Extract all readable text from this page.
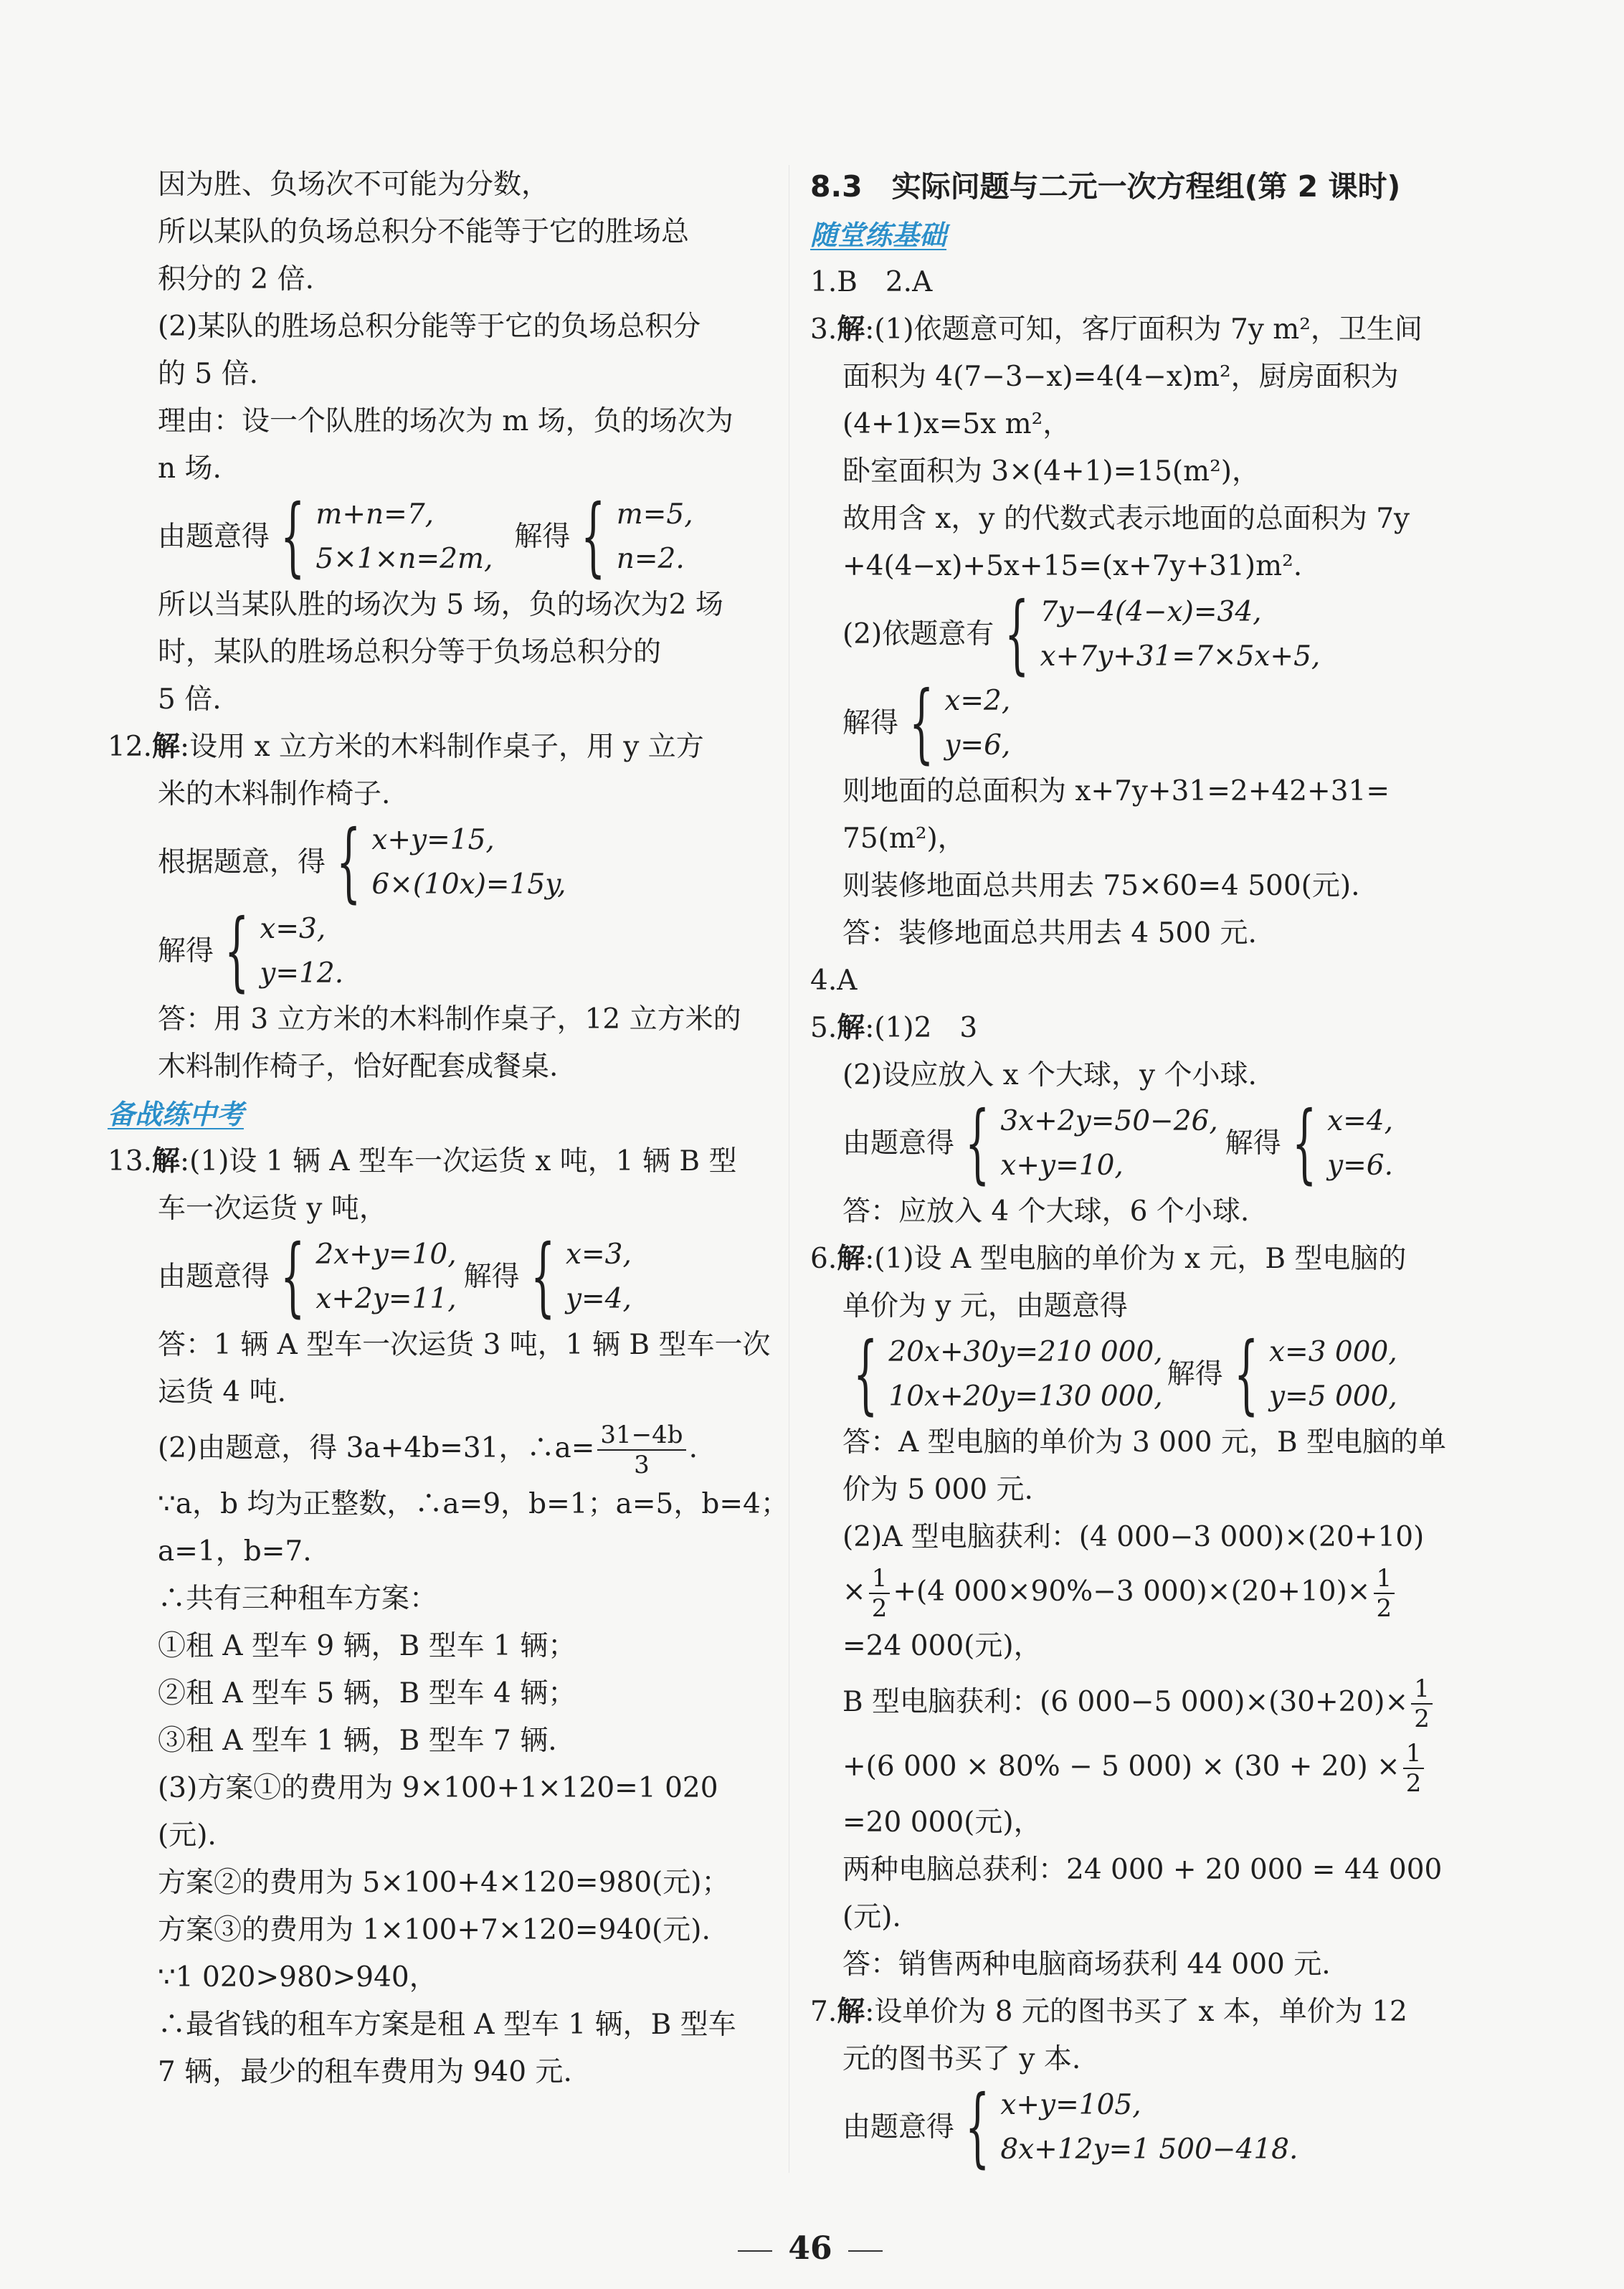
因为胜、负场次不可能为分数，
所以某队的负场总积分不能等于它的胜场总
积分的 2 倍.
(2)某队的胜场总积分能等于它的负场总积分
的 5 倍.
理由：设一个队胜的场次为 m 场，负的场次为
n 场.
由题意得 { m+n=7,
5×1×n=2m,
解得 { m=5,
n=2.
所以当某队胜的场次为 5 场，负的场次为2 场
时，某队的胜场总积分等于负场总积分的
5 倍.
12.解:设用 x 立方米的木料制作桌子，用 y 立方
米的木料制作椅子.
根据题意，得 { x+y=15,
6×(10x)=15y,
解得 { x=3,
y=12.
答：用 3 立方米的木料制作桌子，12 立方米的
木料制作椅子，恰好配套成餐桌.
备战练中考
13.解:(1)设 1 辆 A 型车一次运货 x 吨，1 辆 B 型
车一次运货 y 吨，
由题意得 { 2x+y=10,
x+2y=11,
解得 { x=3,
y=4,
答：1 辆 A 型车一次运货 3 吨，1 辆 B 型车一次
运货 4 吨.
(2)由题意，得 3a+4b=31，∴a= $\frac{31-4b}{3}$ .
∵a，b 均为正整数，∴a=9，b=1；a=5，b=4；
a=1，b=7.
∴共有三种租车方案：
①租 A 型车 9 辆，B 型车 1 辆；
②租 A 型车 5 辆，B 型车 4 辆；
③租 A 型车 1 辆，B 型车 7 辆.
(3)方案①的费用为 9×100+1×120=1 020
(元).
方案②的费用为 5×100+4×120=980(元)；
方案③的费用为 1×100+7×120=940(元).
∵1 020>980>940，
∴最省钱的租车方案是租 A 型车 1 辆，B 型车
7 辆，最少的租车费用为 940 元.
8.3　实际问题与二元一次方程组(第 2 课时)
随堂练基础
1.B　2.A
3.解:(1)依题意可知，客厅面积为 7y m²，卫生间
面积为 4(7−3−x)=4(4−x)m²，厨房面积为
(4+1)x=5x m²，
卧室面积为 3×(4+1)=15(m²)，
故用含 x，y 的代数式表示地面的总面积为 7y
+4(4−x)+5x+15=(x+7y+31)m².
(2)依题意有 { 7y−4(4−x)=34,
x+7y+31=7×5x+5,
解得 { x=2,
y=6,
则地面的总面积为 x+7y+31=2+42+31=
75(m²)，
则装修地面总共用去 75×60=4 500(元).
答：装修地面总共用去 4 500 元.
4.A
5.解:(1)2　3
(2)设应放入 x 个大球，y 个小球.
由题意得 { 3x+2y=50−26,
x+y=10,
解得 { x=4,
y=6.
答：应放入 4 个大球，6 个小球.
6.解:(1)设 A 型电脑的单价为 x 元，B 型电脑的
单价为 y 元，由题意得
{ 20x+30y=210 000,
10x+20y=130 000,
解得 { x=3 000,
y=5 000,
答：A 型电脑的单价为 3 000 元，B 型电脑的单
价为 5 000 元.
(2)A 型电脑获利：(4 000−3 000)×(20+10)
× $\frac{1}{2} +(4$ 000×90%−3 $000)\times(20+10)\times \frac{1}{2}$
=24 000(元)，
B 型电脑获利：(6 000−5 $000)\times(30+20)\times \frac{1}{2}$
+(6 000 × 80% − 5 $000) \times (30 + 20) \times \frac{1}{2}$
=20 000(元)，
两种电脑总获利：24 000 + 20 000 = 44 000
(元).
答：销售两种电脑商场获利 44 000 元.
7.解:设单价为 8 元的图书买了 x 本，单价为 12
元的图书买了 y 本.
由题意得 { x+y=105,
8x+12y=1 500−418.
46
